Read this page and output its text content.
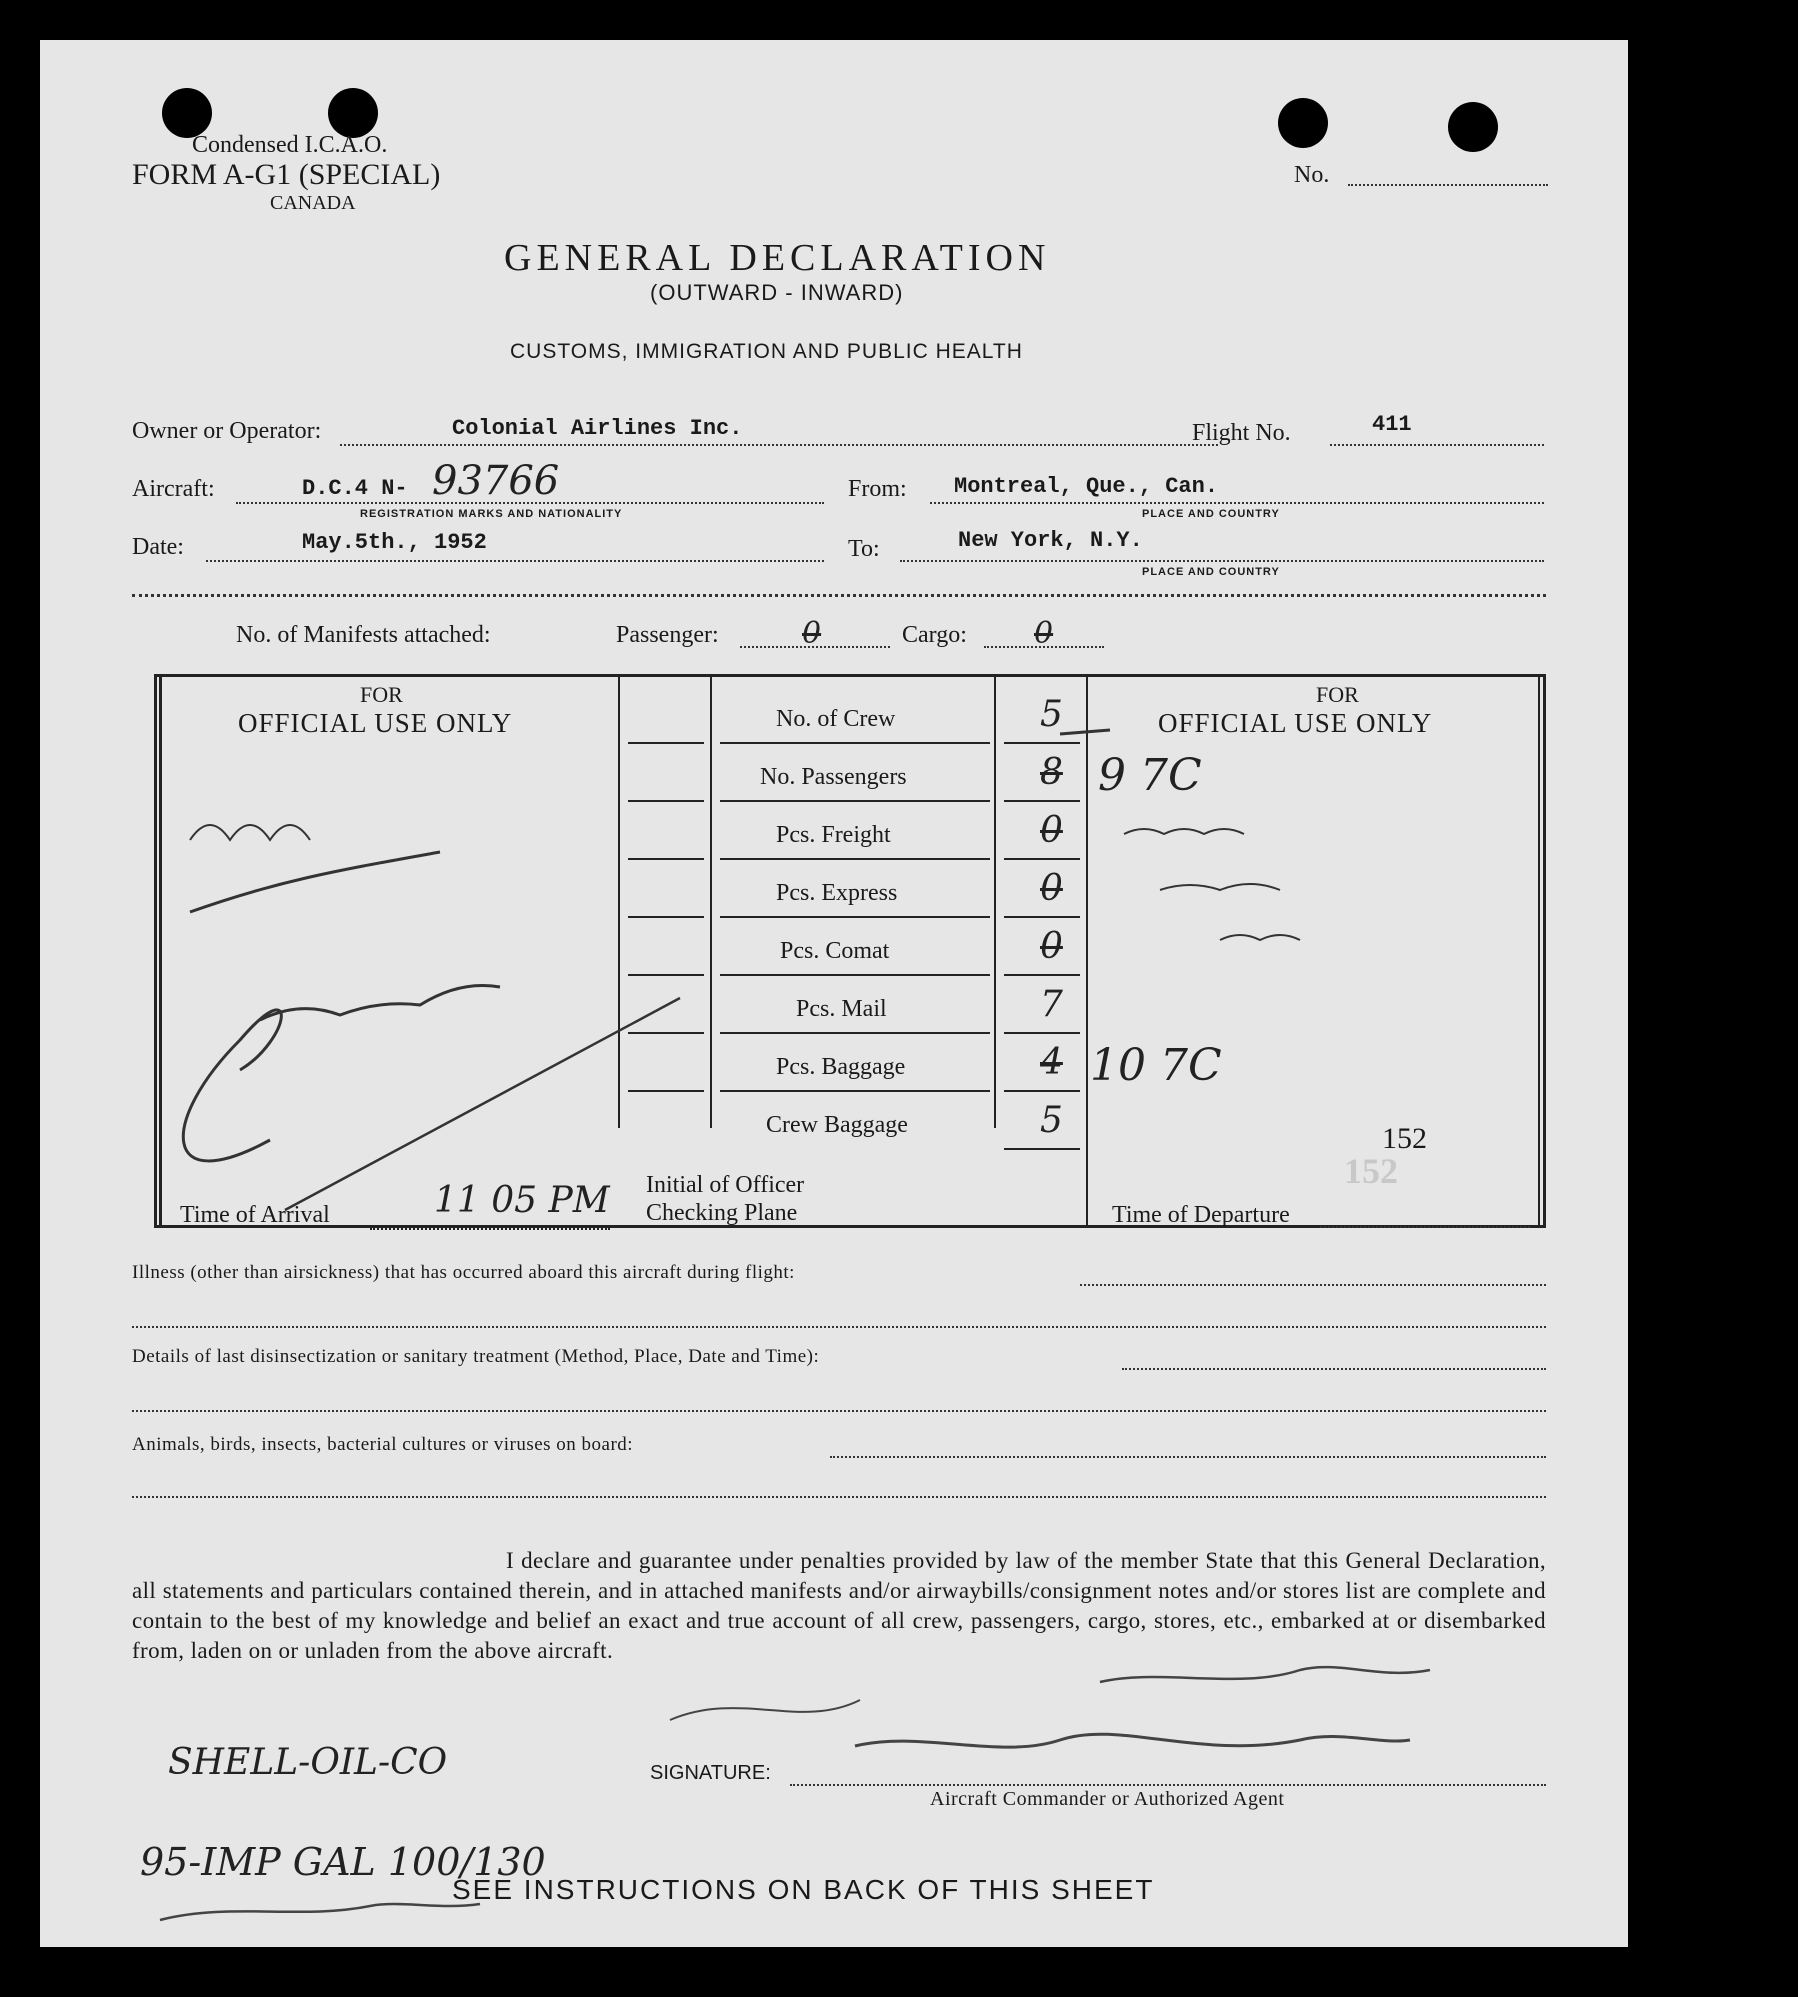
Condensed I.C.A.O.
FORM A-G1 (SPECIAL)
CANADA
No.
GENERAL DECLARATION
(OUTWARD - INWARD)
CUSTOMS, IMMIGRATION AND PUBLIC HEALTH
Owner or Operator:	Colonial Airlines Inc.	Flight No.	411
Aircraft:	D.C.4 N- 93766
REGISTRATION MARKS AND NATIONALITY
From: Montreal, Que., Can.
PLACE AND COUNTRY
Date:	May.5th., 1952	To:	New York, N.Y.
PLACE AND COUNTRY
No. of Manifests attached:	Passenger:	0	Cargo: 0
FOR
OFFICIAL USE ONLY
FOR
OFFICIAL USE ONLY
No. of Crew	5
No. Passengers	8
Pcs. Freight	0
Pcs. Express	0
Pcs. Comat	0
Pcs. Mail	7
Pcs. Baggage	4
Crew Baggage	5
9 7C
10 7C
152
152
Time of Arrival	11 05 PM Initial of Officer
Checking Plane	Time of Departure
Illness (other than airsickness) that has occurred aboard this aircraft during flight:
Details of last disinsectization or sanitary treatment (Method, Place, Date and Time):
Animals, birds, insects, bacterial cultures or viruses on board:
I declare and guarantee under penalties provided by law of the member State that this General Declaration, all statements and particulars contained therein, and in attached manifests and/or airwaybills/consignment notes and/or stores list are complete and contain to the best of my knowledge and belief an exact and true account of all crew, passengers, cargo, stores, etc., embarked at or disembarked from, laden on or unladen from the above aircraft.
SHELL-OIL-CO
95-IMP GAL 100/130
SIGNATURE:
Aircraft Commander or Authorized Agent
SEE INSTRUCTIONS ON BACK OF THIS SHEET
